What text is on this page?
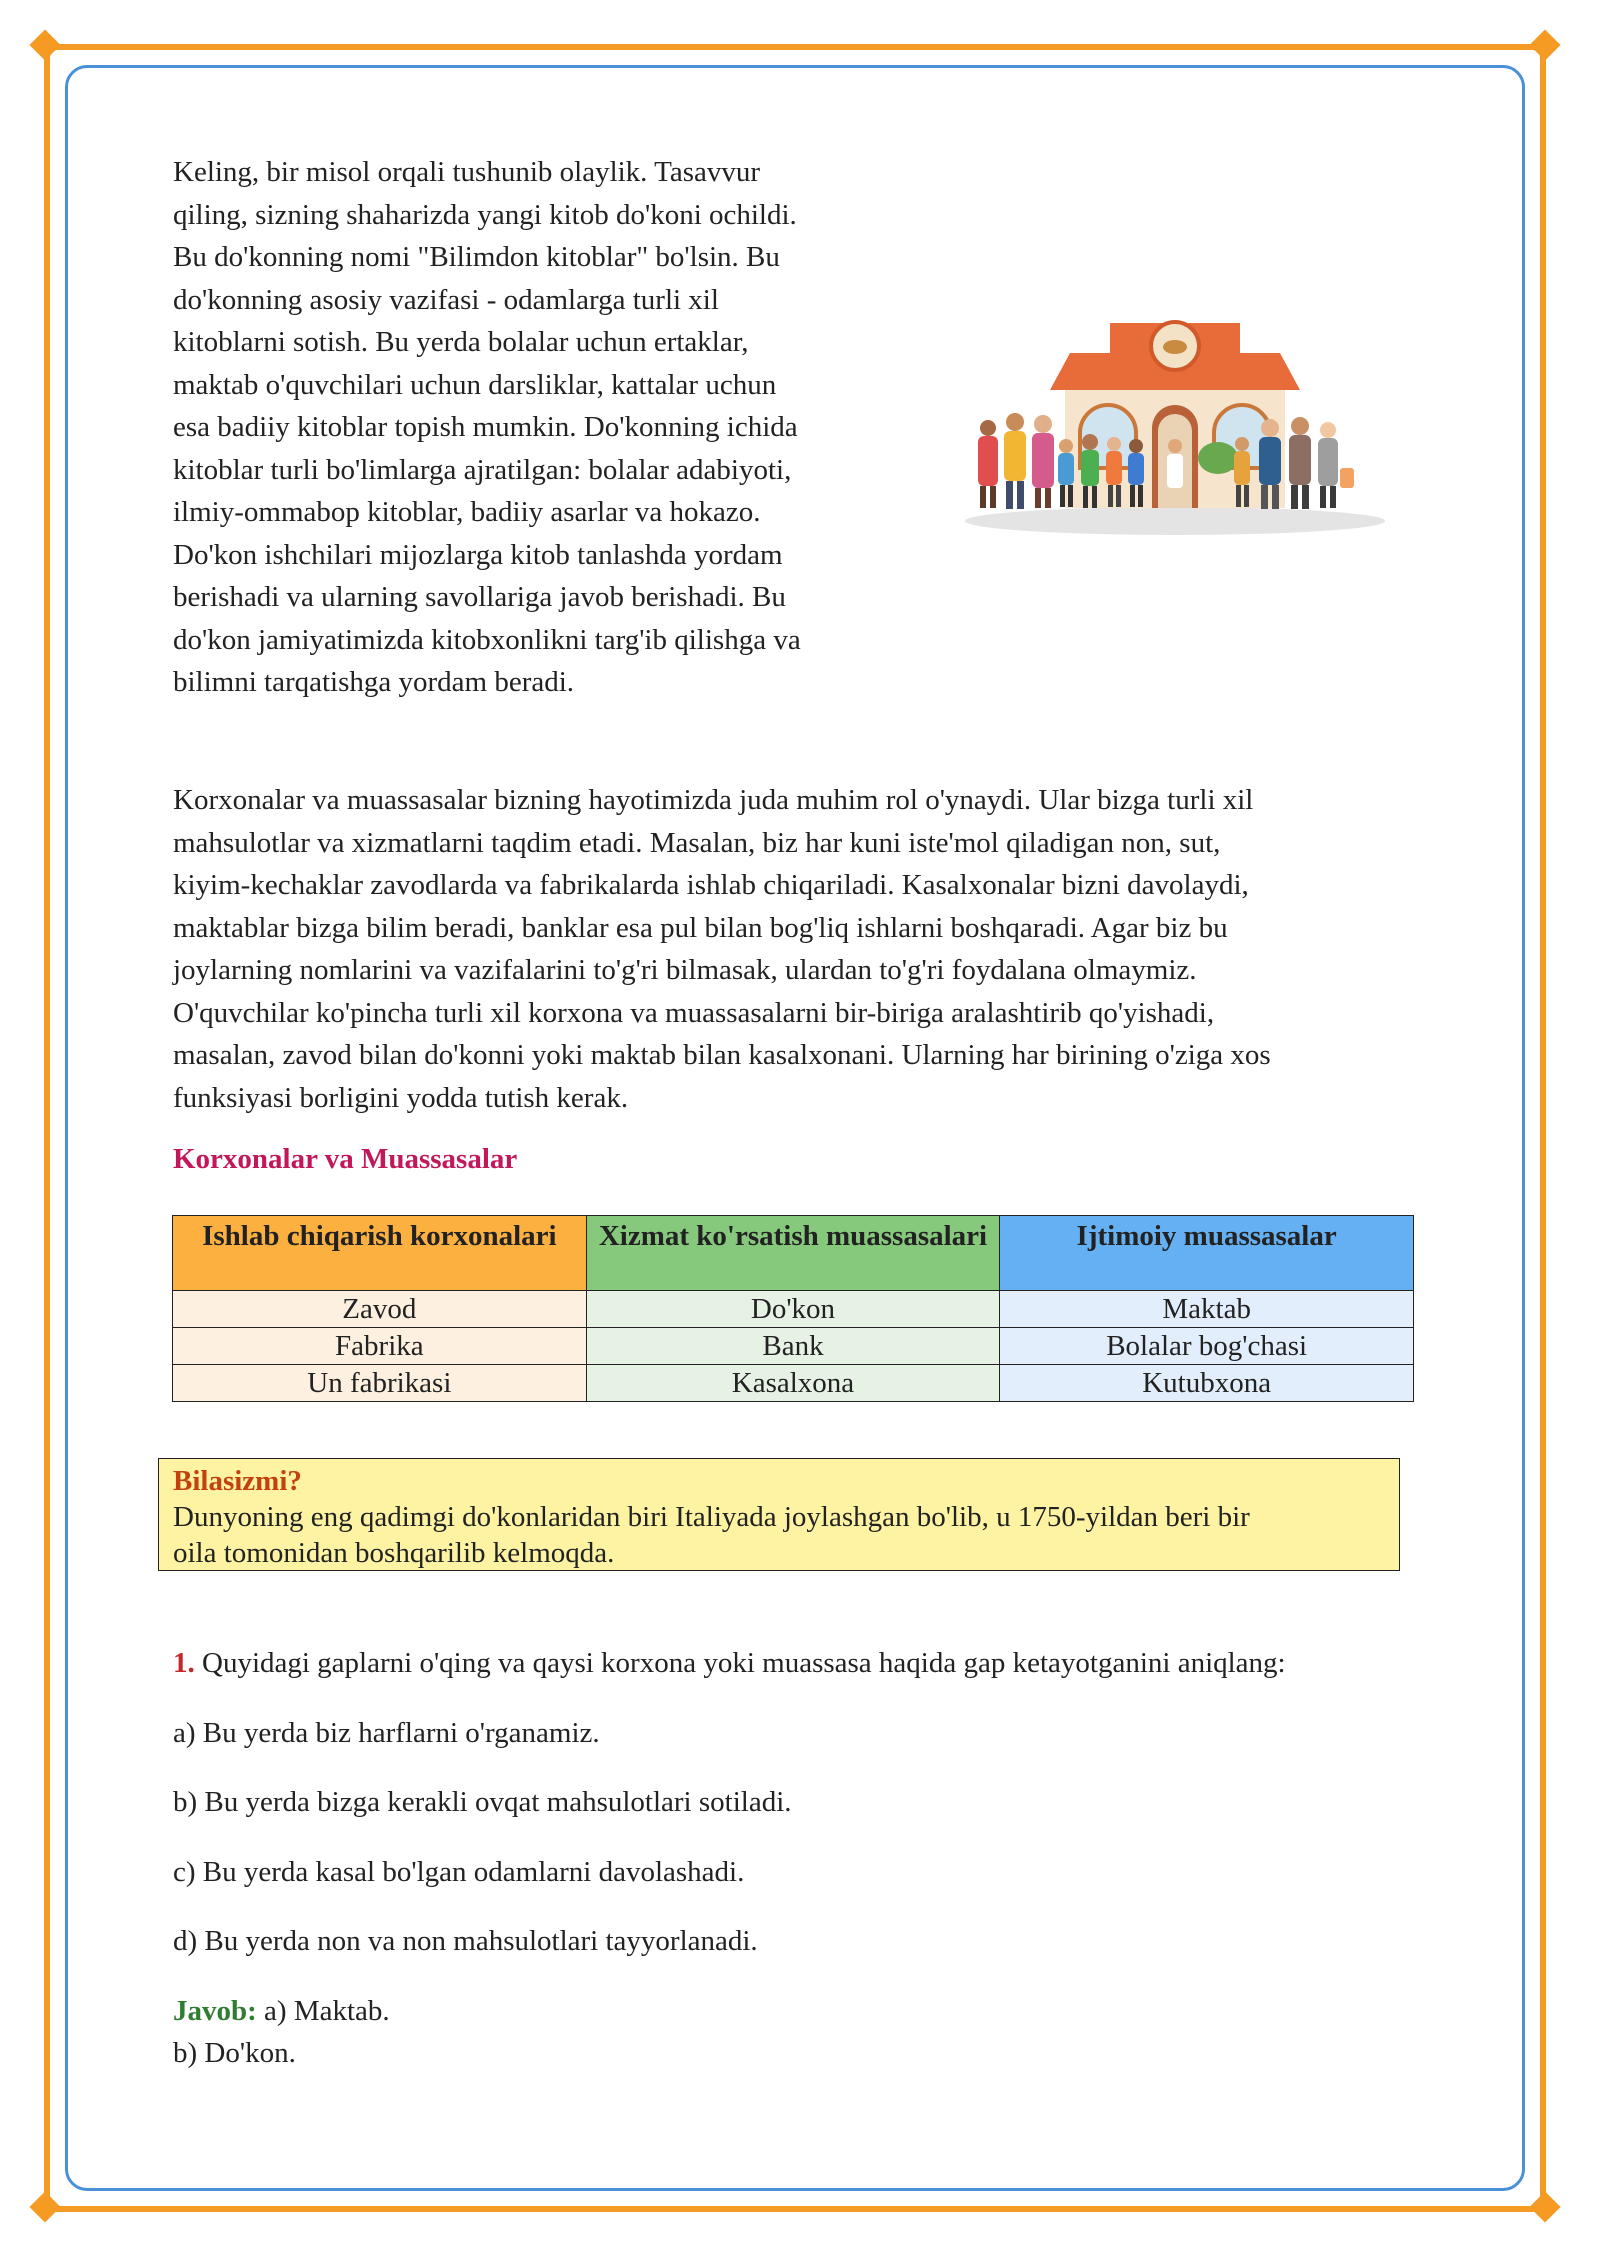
Keling, bir misol orqali tushunib olaylik. Tasavvur

qiling, sizning shaharizda yangi kitob do'koni ochildi.

Bu do'konning nomi "Bilimdon kitoblar" bo'lsin. Bu

do'konning asosiy vazifasi - odamlarga turli xil

kitoblarni sotish. Bu yerda bolalar uchun ertaklar,

maktab o'quvchilari uchun darsliklar, kattalar uchun

esa badiiy kitoblar topish mumkin. Do'konning ichida

kitoblar turli bo'limlarga ajratilgan: bolalar adabiyoti,

ilmiy-ommabop kitoblar, badiiy asarlar va hokazo.

Do'kon ishchilari mijozlarga kitob tanlashda yordam

berishadi va ularning savollariga javob berishadi. Bu

do'kon jamiyatimizda kitobxonlikni targ'ib qilishga va

bilimni tarqatishga yordam beradi.

Korxonalar va muassasalar bizning hayotimizda juda muhim rol o'ynaydi. Ular bizga turli xil

mahsulotlar va xizmatlarni taqdim etadi. Masalan, biz har kuni iste'mol qiladigan non, sut,

kiyim-kechaklar zavodlarda va fabrikalarda ishlab chiqariladi. Kasalxonalar bizni davolaydi,

maktablar bizga bilim beradi, banklar esa pul bilan bog'liq ishlarni boshqaradi. Agar biz bu

joylarning nomlarini va vazifalarini to'g'ri bilmasak, ulardan to'g'ri foydalana olmaymiz.

O'quvchilar ko'pincha turli xil korxona va muassasalarni bir-biriga aralashtirib qo'yishadi,

masalan, zavod bilan do'konni yoki maktab bilan kasalxonani. Ularning har birining o'ziga xos

funksiyasi borligini yodda tutish kerak.

Korxonalar va Muassasalar

Ishlab chiqarish korxonalari	Xizmat ko'rsatish muassasalari	Ijtimoiy muassasalar
Zavod	Do'kon	Maktab
Fabrika	Bank	Bolalar bog'chasi
Un fabrikasi	Kasalxona	Kutubxona
Bilasizmi?
Dunyoning eng qadimgi do'konlaridan biri Italiyada joylashgan bo'lib, u 1750-yildan beri bir
oila tomonidan boshqarilib kelmoqda.

1. Quyidagi gaplarni o'qing va qaysi korxona yoki muassasa haqida gap ketayotganini aniqlang:

a) Bu yerda biz harflarni o'rganamiz.

b) Bu yerda bizga kerakli ovqat mahsulotlari sotiladi.

c) Bu yerda kasal bo'lgan odamlarni davolashadi.

d) Bu yerda non va non mahsulotlari tayyorlanadi.

Javob: a) Maktab.

b) Do'kon.
